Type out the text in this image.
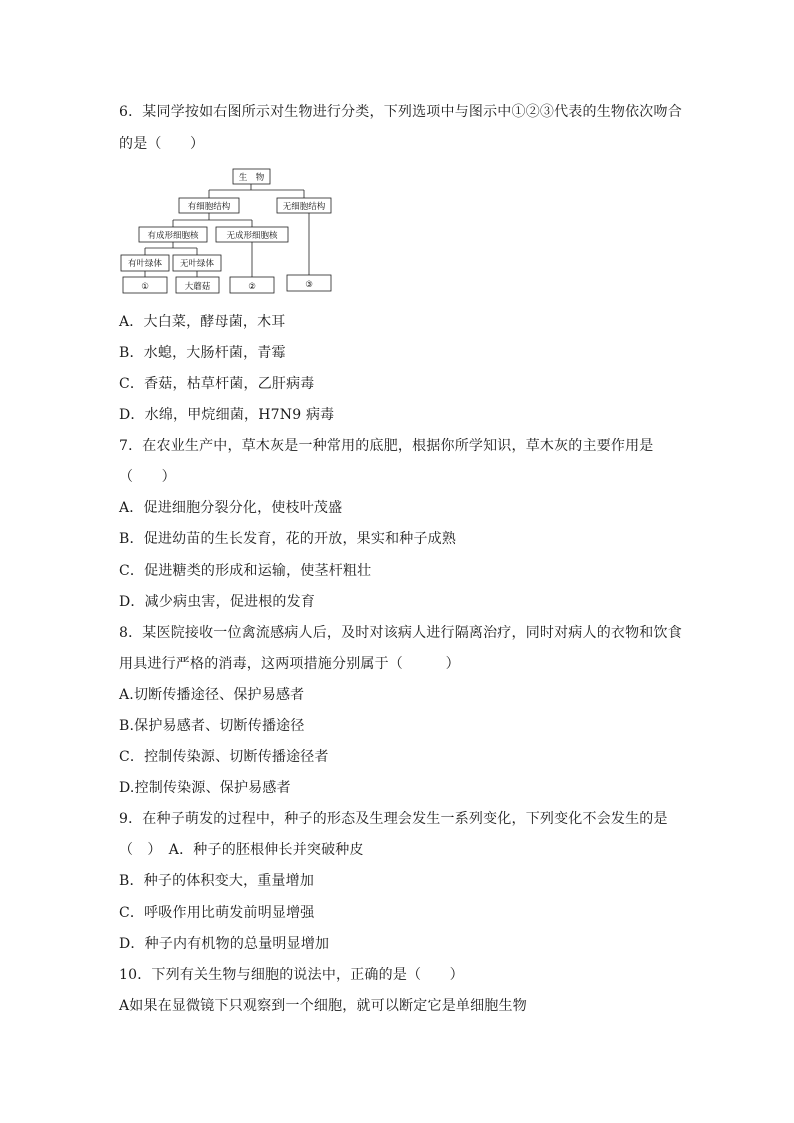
6．某同学按如右图所示对生物进行分类，下列选项中与图示中①②③代表的生物依次吻合
的是（　　）
生　物
有细胞结构	无细胞结构
有成形细胞核	无成形细胞核
有叶绿体 无叶绿体
①	大蘑菇	②	③
A．大白菜，酵母菌，木耳
B．水螅，大肠杆菌，青霉
C．香菇，枯草杆菌，乙肝病毒
D．水绵，甲烷细菌，H7N9 病毒
7．在农业生产中，草木灰是一种常用的底肥，根据你所学知识，草木灰的主要作用是
（　　）
A．促进细胞分裂分化，使枝叶茂盛
B．促进幼苗的生长发育，花的开放，果实和种子成熟
C．促进糖类的形成和运输，使茎杆粗壮
D．减少病虫害，促进根的发育
8．某医院接收一位禽流感病人后，及时对该病人进行隔离治疗，同时对病人的衣物和饮食
用具进行严格的消毒，这两项措施分别属于（　　　）
A.切断传播途径、保护易感者
B.保护易感者、切断传播途径
C．控制传染源、切断传播途径者
D.控制传染源、保护易感者
9．在种子萌发的过程中，种子的形态及生理会发生一系列变化，下列变化不会发生的是
（　）　A．种子的胚根伸长并突破种皮
B．种子的体积变大，重量增加
C．呼吸作用比萌发前明显增强
D．种子内有机物的总量明显增加
10．下列有关生物与细胞的说法中，正确的是（　　）
A如果在显微镜下只观察到一个细胞，就可以断定它是单细胞生物
